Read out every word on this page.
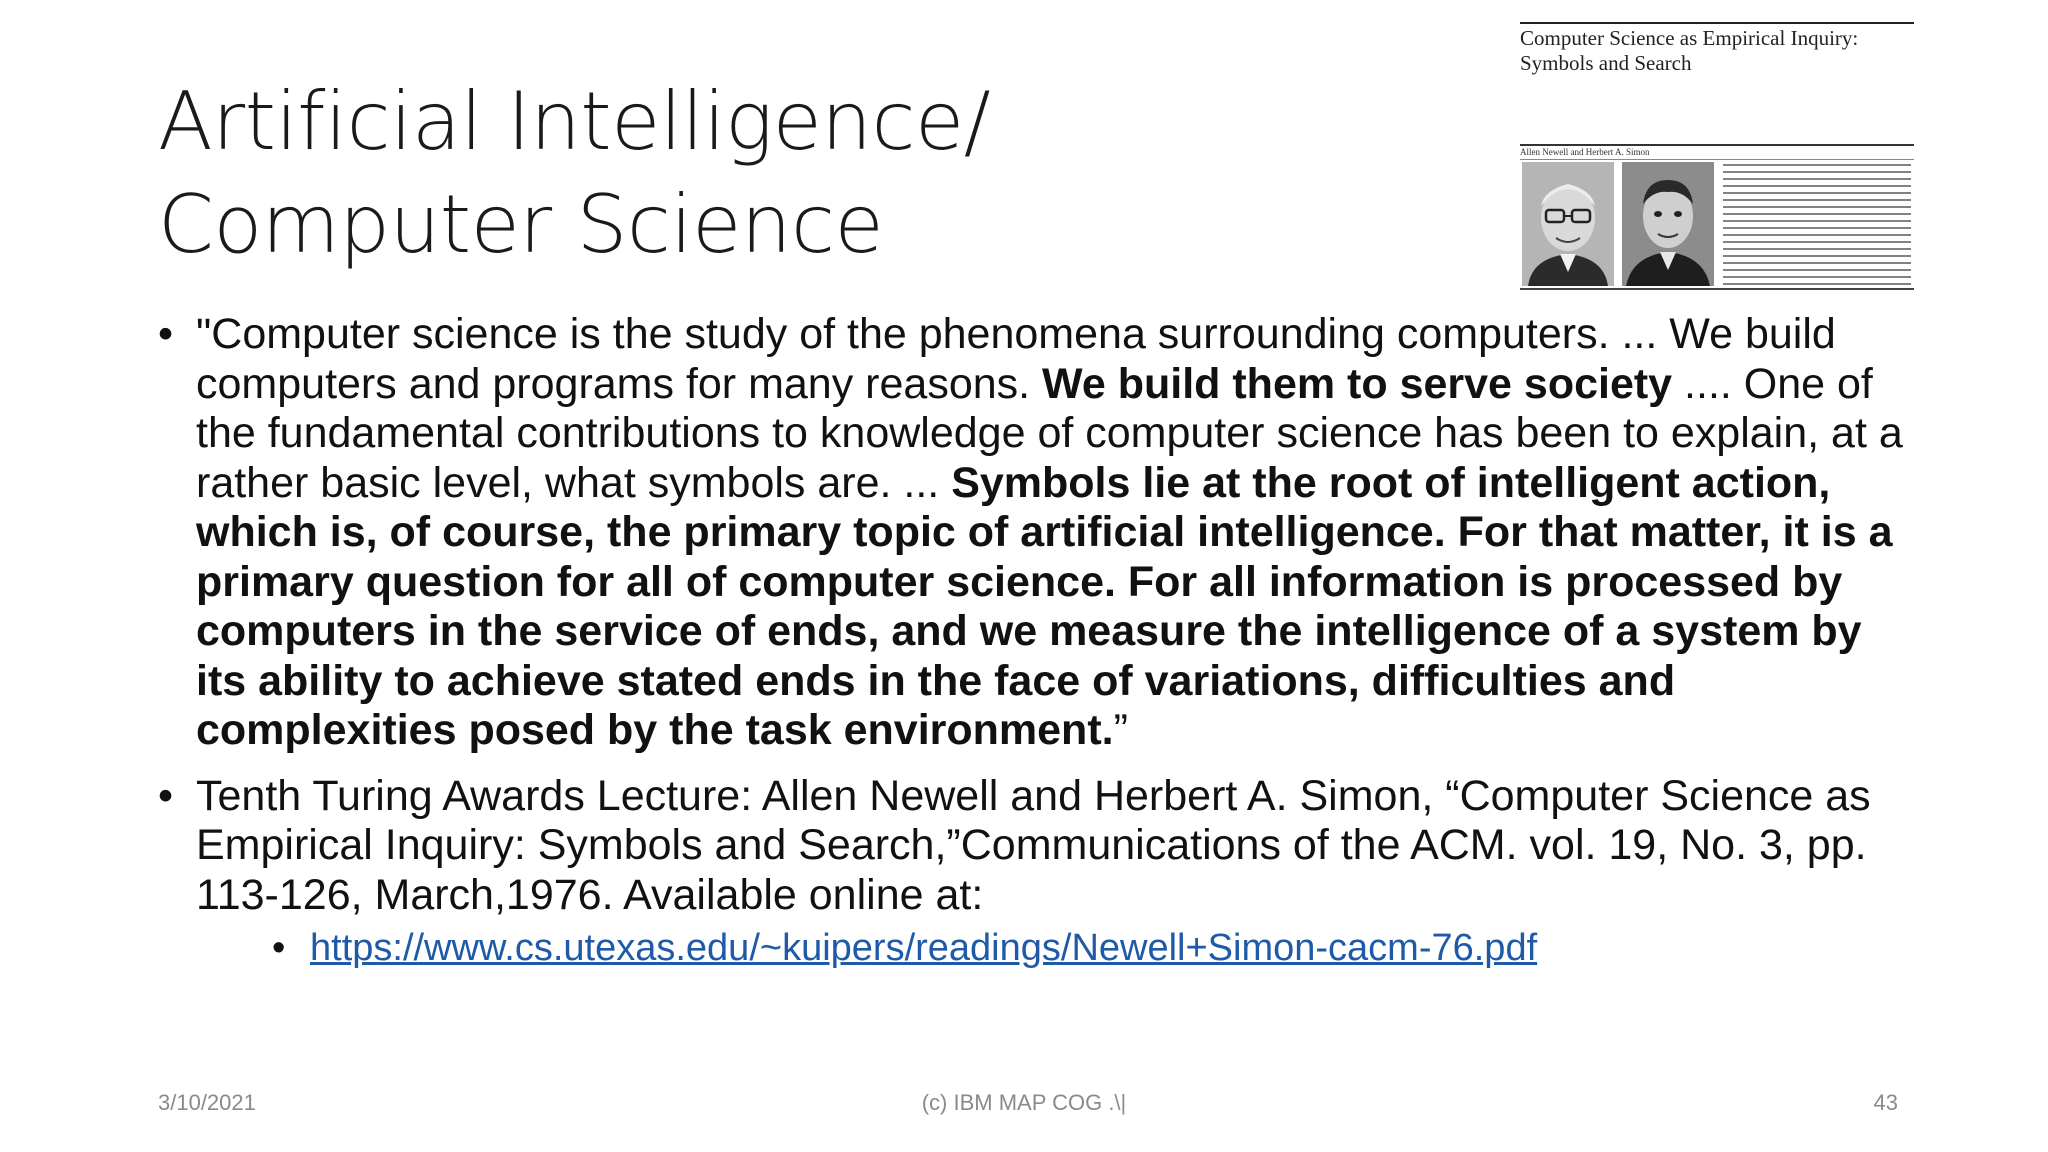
Artificial Intelligence/
Computer Science
Computer Science as Empirical Inquiry:
Symbols and Search
Allen Newell and Herbert A. Simon
• "Computer science is the study of the phenomena surrounding computers. ... We build computers and programs for many reasons. We build them to serve society .... One of the fundamental contributions to knowledge of computer science has been to explain, at a rather basic level, what symbols are. ... Symbols lie at the root of intelligent action, which is, of course, the primary topic of artificial intelligence. For that matter, it is a primary question for all of computer science. For all information is processed by computers in the service of ends, and we measure the intelligence of a system by its ability to achieve stated ends in the face of variations, difficulties and complexities posed by the task environment.”
• Tenth Turing Awards Lecture: Allen Newell and Herbert A. Simon, “Computer Science as Empirical Inquiry: Symbols and Search,”Communications of the ACM. vol. 19, No. 3, pp. 113-126, March,1976. Available online at:
• https://www.cs.utexas.edu/~kuipers/readings/Newell+Simon-cacm-76.pdf
3/10/2021	(c) IBM MAP COG .\|	43
